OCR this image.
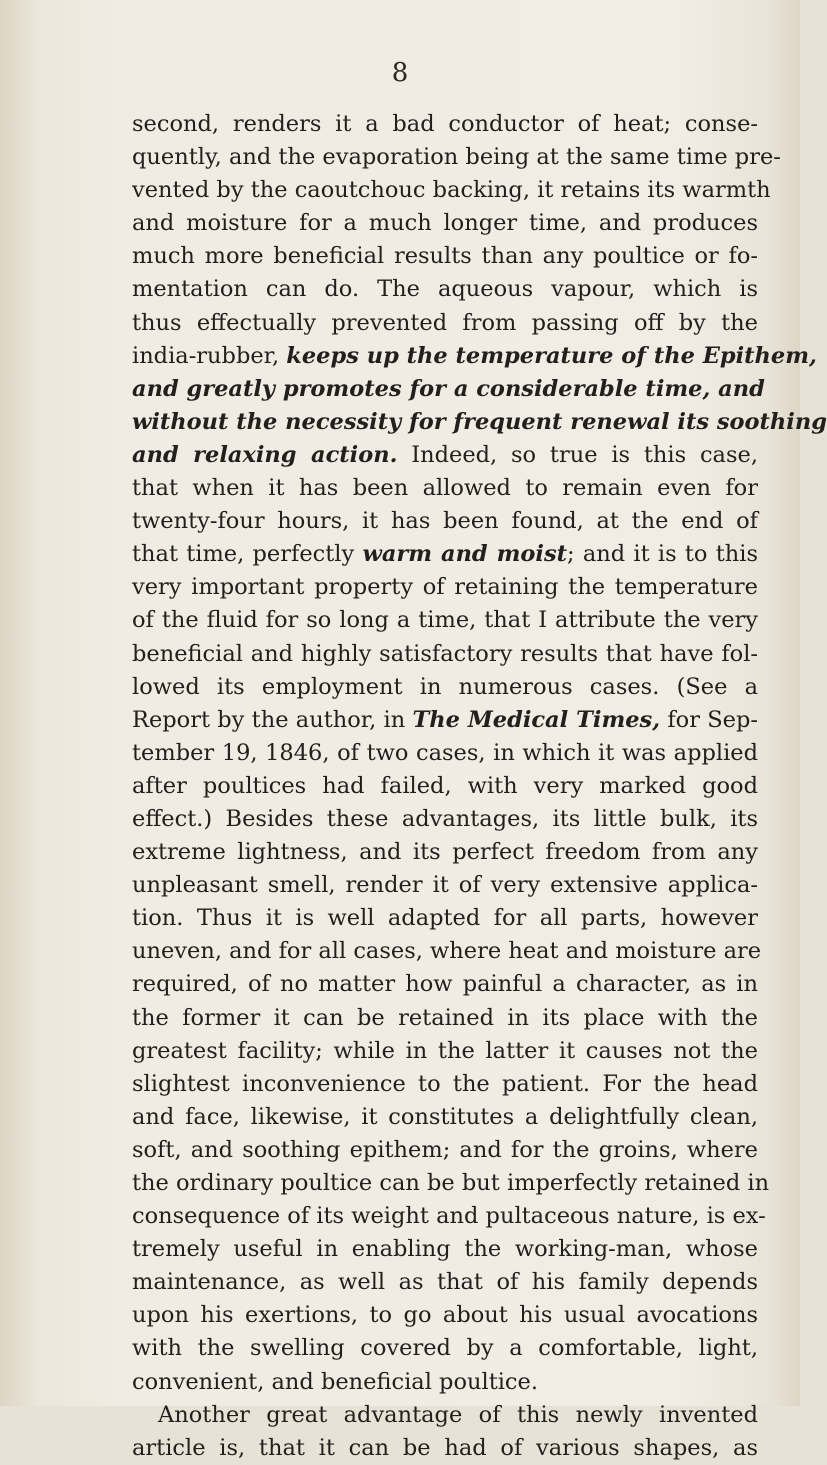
8
second, renders it a bad conductor of heat; conse-
quently, and the evaporation being at the same time pre-
vented by the caoutchouc backing, it retains its warmth
and moisture for a much longer time, and produces
much more beneficial results than any poultice or fo-
mentation can do. The aqueous vapour, which is
thus effectually prevented from passing off by the
india-rubber, keeps up the temperature of the Epithem,
and greatly promotes for a considerable time, and
without the necessity for frequent renewal its soothing
and relaxing action. Indeed, so true is this case,
that when it has been allowed to remain even for
twenty-four hours, it has been found, at the end of
that time, perfectly warm and moist; and it is to this
very important property of retaining the temperature
of the fluid for so long a time, that I attribute the very
beneficial and highly satisfactory results that have fol-
lowed its employment in numerous cases. (See a
Report by the author, in The Medical Times, for Sep-
tember 19, 1846, of two cases, in which it was applied
after poultices had failed, with very marked good
effect.) Besides these advantages, its little bulk, its
extreme lightness, and its perfect freedom from any
unpleasant smell, render it of very extensive applica-
tion. Thus it is well adapted for all parts, however
uneven, and for all cases, where heat and moisture are
required, of no matter how painful a character, as in
the former it can be retained in its place with the
greatest facility; while in the latter it causes not the
slightest inconvenience to the patient. For the head
and face, likewise, it constitutes a delightfully clean,
soft, and soothing epithem; and for the groins, where
the ordinary poultice can be but imperfectly retained in
consequence of its weight and pultaceous nature, is ex-
tremely useful in enabling the working-man, whose
maintenance, as well as that of his family depends
upon his exertions, to go about his usual avocations
with the swelling covered by a comfortable, light,
convenient, and beneficial poultice.
Another great advantage of this newly invented
article is, that it can be had of various shapes, as
